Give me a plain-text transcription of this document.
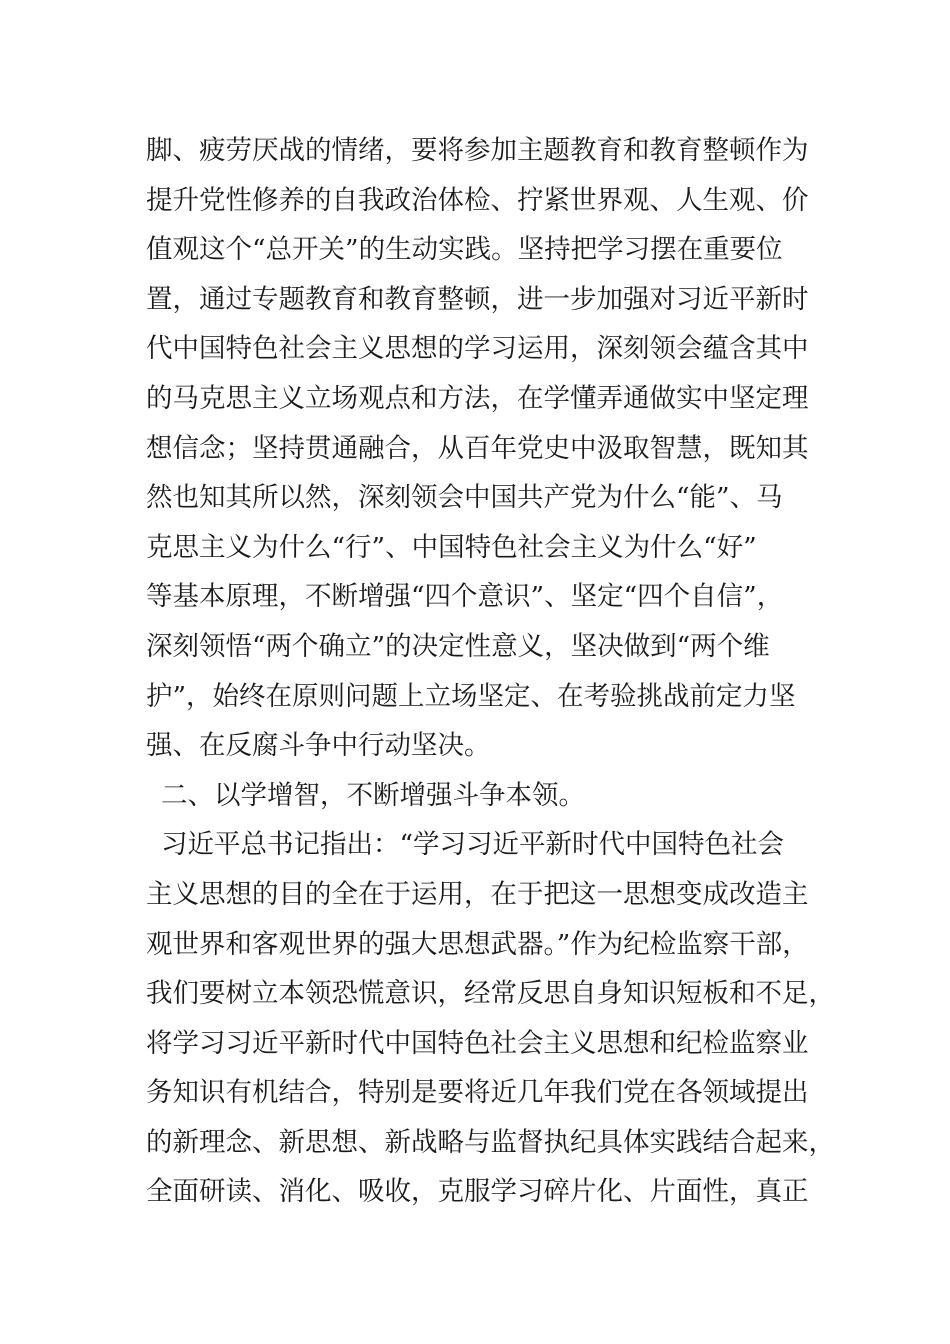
脚、疲劳厌战的情绪，要将参加主题教育和教育整顿作为
提升党性修养的自我政治体检、拧紧世界观、人生观、价
值观这个“总开关”的生动实践。坚持把学习摆在重要位
置，通过专题教育和教育整顿，进一步加强对习近平新时
代中国特色社会主义思想的学习运用，深刻领会蕴含其中
的马克思主义立场观点和方法，在学懂弄通做实中坚定理
想信念；坚持贯通融合，从百年党史中汲取智慧，既知其
然也知其所以然，深刻领会中国共产党为什么“能”、马
克思主义为什么“行”、中国特色社会主义为什么“好”
等基本原理，不断增强“四个意识”、坚定“四个自信”，
深刻领悟“两个确立”的决定性意义，坚决做到“两个维
护”，始终在原则问题上立场坚定、在考验挑战前定力坚
强、在反腐斗争中行动坚决。
二、以学增智，不断增强斗争本领。
习近平总书记指出：“学习习近平新时代中国特色社会
主义思想的目的全在于运用，在于把这一思想变成改造主
观世界和客观世界的强大思想武器。”作为纪检监察干部，
我们要树立本领恐慌意识，经常反思自身知识短板和不足，
将学习习近平新时代中国特色社会主义思想和纪检监察业
务知识有机结合，特别是要将近几年我们党在各领域提出
的新理念、新思想、新战略与监督执纪具体实践结合起来，
全面研读、消化、吸收，克服学习碎片化、片面性，真正
